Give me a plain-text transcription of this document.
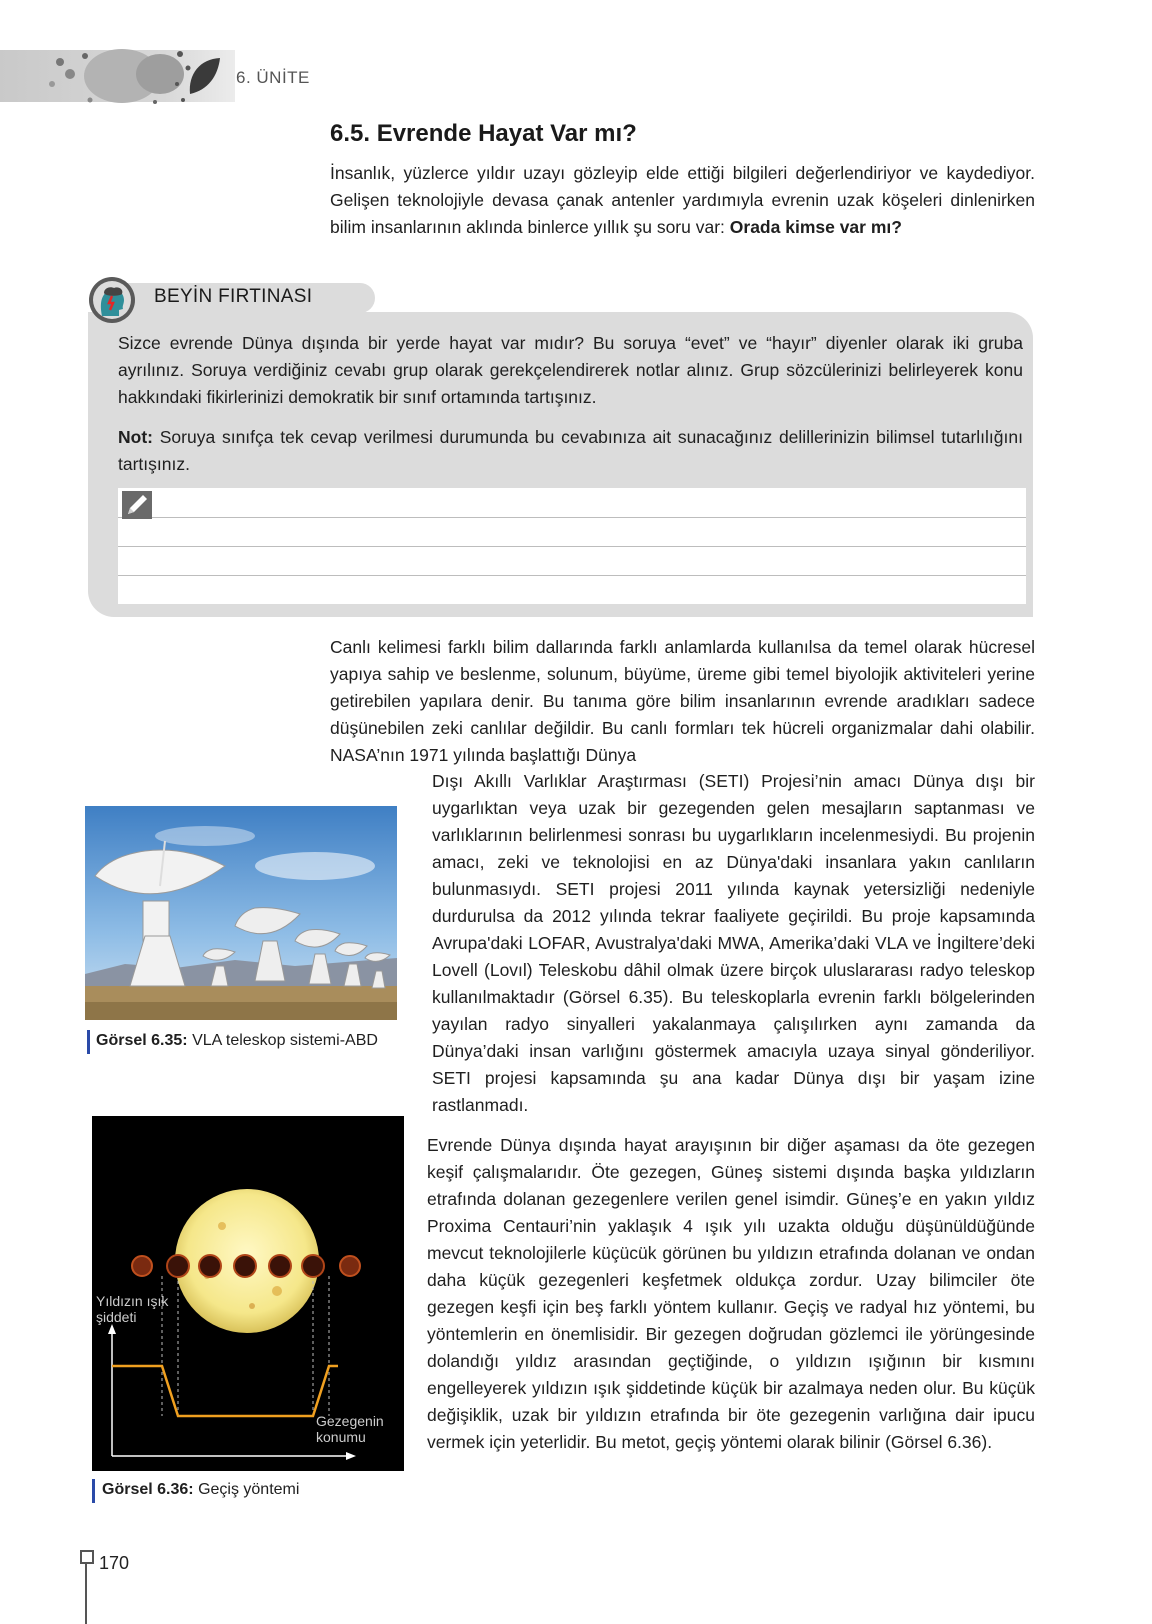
6. ÜNİTE
6.5. Evrende Hayat Var mı?

İnsanlık, yüzlerce yıldır uzayı gözleyip elde ettiği bilgileri değerlendiriyor ve kaydediyor. Gelişen teknolojiyle devasa çanak antenler yardımıyla evrenin uzak köşeleri dinlenirken bilim insanlarının aklında binlerce yıllık şu soru var: Orada kimse var mı?

BEYİN FIRTINASI

Sizce evrende Dünya dışında bir yerde hayat var mıdır? Bu soruya “evet” ve “hayır” diyenler olarak iki gruba ayrılınız. Soruya verdiğiniz cevabı grup olarak gerekçelendirerek notlar alınız. Grup sözcülerinizi belirleyerek konu hakkındaki fikirlerinizi demokratik bir sınıf ortamında tartışınız.

Not: Soruya sınıfça tek cevap verilmesi durumunda bu cevabınıza ait sunacağınız delillerinizin bilimsel tutarlılığını tartışınız.

Canlı kelimesi farklı bilim dallarında farklı anlamlarda kullanılsa da temel olarak hücresel yapıya sahip ve beslenme, solunum, büyüme, üreme gibi temel biyolojik aktiviteleri yerine getirebilen yapılara denir. Bu tanıma göre bilim insanlarının evrende aradıkları sadece düşünebilen zeki canlılar değildir. Bu canlı formları tek hücreli organizmalar dahi olabilir. NASA’nın 1971 yılında başlattığı Dünya

Dışı Akıllı Varlıklar Araştırması (SETI) Projesi’nin amacı Dünya dışı bir uygarlıktan veya uzak bir gezegenden gelen mesajların saptanması ve varlıklarının belirlenmesi sonrası bu uygarlıkların incelenmesiydi. Bu projenin amacı, zeki ve teknolojisi en az Dünya'daki insanlara yakın canlıların bulunmasıydı. SETI projesi 2011 yılında kaynak yetersizliği nedeniyle durdurulsa da 2012 yılında tekrar faaliyete geçirildi. Bu proje kapsamında Avrupa'daki LOFAR, Avustralya'daki MWA, Amerika’daki VLA ve İngiltere’deki Lovell (Lovıl) Teleskobu dâhil olmak üzere birçok uluslararası radyo teleskop kullanılmaktadır (Görsel 6.35). Bu teleskoplarla evrenin farklı bölgelerinden yayılan radyo sinyalleri yakalanmaya çalışılırken aynı zamanda da Dünya’daki insan varlığını göstermek amacıyla uzaya sinyal gönderiliyor. SETI projesi kapsamında şu ana kadar Dünya dışı bir yaşam izine rastlanmadı.

Evrende Dünya dışında hayat arayışının bir diğer aşaması da öte gezegen keşif çalışmalarıdır. Öte gezegen, Güneş sistemi dışında başka yıldızların etrafında dolanan gezegenlere verilen genel isimdir. Güneş’e en yakın yıldız Proxima Centauri’nin yaklaşık 4 ışık yılı uzakta olduğu düşünüldüğünde mevcut teknolojilerle küçücük görünen bu yıldızın etrafında dolanan ve ondan daha küçük gezegenleri keşfetmek oldukça zordur. Uzay bilimciler öte gezegen keşfi için beş farklı yöntem kullanır. Geçiş ve radyal hız yöntemi, bu yöntemlerin en önemlisidir. Bir gezegen doğrudan gözlemci ile yörüngesinde dolandığı yıldız arasından geçtiğinde, o yıldızın ışığının bir kısmını engelleyerek yıldızın ışık şiddetinde küçük bir azalmaya neden olur. Bu küçük değişiklik, uzak bir yıldızın etrafında bir öte gezegenin varlığına dair ipucu vermek için yeterlidir. Bu metot, geçiş yöntemi olarak bilinir (Görsel 6.36).

Görsel 6.35: VLA teleskop sistemi-ABD
Yıldızın ışık
şiddeti
Gezegenin
konumu
Görsel 6.36: Geçiş yöntemi
170
